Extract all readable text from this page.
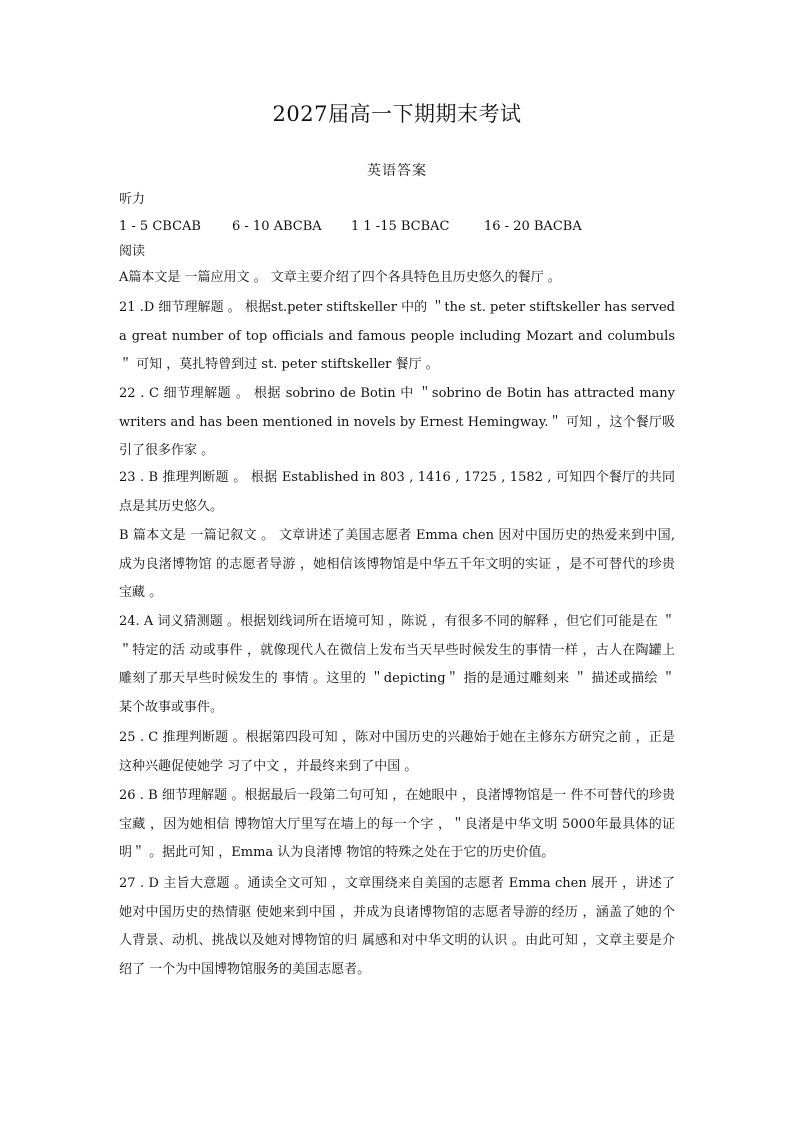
2027届高一下期期末考试
英语答案
听力
1 - 5 CBCAB 6 - 10 ABCBA 1 1 -15 BCBAC	16 - 20 BACBA
阅读
A篇本文是 一篇应用文 。 文章主要介绍了四个各具特色且历史悠久的餐厅 。
21 .D 细节理解题 。 根据st.peter stiftskeller 中的 ＂the st. peter stiftskeller has served a great number of top officials and famous people including Mozart and columbuls＂ 可知 ，莫扎特曾到过 st. peter stiftskeller 餐厅 。
22 . C 细节理解题 。 根据 sobrino de Botin 中 ＂sobrino de Botin has attracted many writers and has been mentioned in novels by Ernest Hemingway.＂ 可知 ，这个餐厅吸引了很多作家 。
23 . B 推理判断题 。 根据 Established in 803 , 1416 , 1725 , 1582 , 可知四个餐厅的共同点是其历史悠久。
B 篇本文是 一篇记叙文 。 文章讲述了美国志愿者 Emma chen 因对中国历史的热爱来到中国, 成为良渚博物馆 的志愿者导游 ，她相信该博物馆是中华五千年文明的实证 ，是不可替代的珍贵宝藏 。
24. A 词义猜测题 。根据划线词所在语境可知 ，陈说 ，有很多不同的解释 ，但它们可能是在 ＂ ＂特定的活 动或事件 ，就像现代人在微信上发布当天早些时候发生的事情一样 ，古人在陶罐上雕刻了那天早些时候发生的 事情 。这里的 ＂depicting＂ 指的是通过雕刻来 ＂ 描述或描绘 ＂某个故事或事件。
25 . C 推理判断题 。根据第四段可知 ，陈对中国历史的兴趣始于她在主修东方研究之前 ，正是这种兴趣促使她学 习了中文 ，并最终来到了中国 。
26 . B 细节理解题 。根据最后一段第二句可知 ，在她眼中 ，良渚博物馆是一 件不可替代的珍贵宝藏 ，因为她相信 博物馆大厅里写在墙上的每一个字 ，＂良渚是中华文明 5000年最具体的证明＂ 。据此可知 ，Emma 认为良渚博 物馆的特殊之处在于它的历史价值。
27 . D 主旨大意题 。通读全文可知 ，文章围绕来自美国的志愿者 Emma chen 展开 ，讲述了她对中国历史的热情驱 使她来到中国 ，并成为良诸博物馆的志愿者导游的经历 ，涵盖了她的个人背景、动机、挑战以及她对博物馆的归 属感和对中华文明的认识 。由此可知 ，文章主要是介绍了 一个为中国博物馆服务的美国志愿者。
